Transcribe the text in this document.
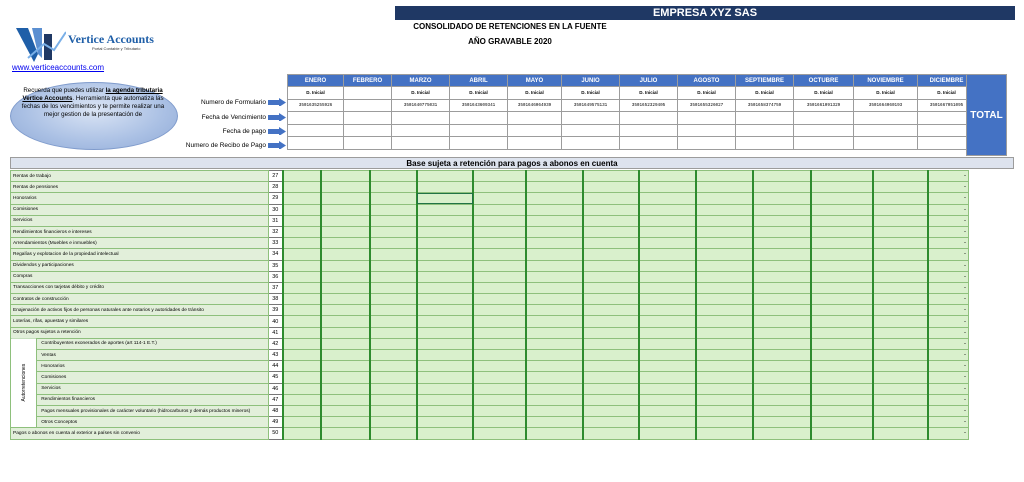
EMPRESA XYZ SAS
CONSOLIDADO DE RETENCIONES EN LA FUENTE
AÑO GRAVABLE 2020
Vertice Accounts
Portal Contable y Tributario
www.verticeaccounts.com
Recuerda que puedes utilizar la agenda tributaria Vertice Accounts. Herramienta que automatiza las fechas de los vencimientos y te permite realizar una mejor gestion de la presentación de
Numero de Formulario
Fecha de Vencimiento
Fecha de pago
Numero de Recibo de Pago
ENERO	FEBRERO	MARZO	ABRIL	MAYO	JUNIO	JULIO	AGOSTO	SEPTIEMBRE	OCTUBRE	NOVIEMBRE	DICIEMBRE
D. Inicial		D. Inicial	D. Inicial	D. Inicial	D. Inicial	D. Inicial	D. Inicial	D. Inicial	D. Inicial	D. Inicial	D. Inicial
3501635255926		3501640775031	3501643609341	3501646064939	3501649575131	3501652329405	3501655326027	3501658374759	3501661091329	3501664060193	3501667051095

TOTAL
Base sujeta a retención para pagos a abonos en cuenta
Rentas de trabajo		27													-
Rentas de pensiones		28													-
Honorarios		29													-
Comisiones		30													-
Servicios		31													-
Rendimientos financieros e intereses		32													-
Arrendamientos (Muebles e inmuebles)		33													-
Regalías y explotacion de la propiedad intelectual		34													-
Dividendos y participaciones		35													-
Compras		36													-
Transacciones con tarjetas débito y crédito		37													-
Contratos de construcción		38													-
Enajenación de activos fijos de personas naturales ante notarios y autoridades de tránsito		39													-
Loterías, rifas, apuestas y similares		40													-
Otros pagos sujetos a retención		41													-
Autorretenciones	Contribuyentes exonerados de aportes (art 114-1 E.T.)	42													-
	Ventas	43													-
	Honorarios	44													-
	Comisiones	45													-
	Servicios	46													-
	Rendimientos financieros	47													-
	Pagos mensuales provisionales de carácter voluntario (hidrocarburos y demás productos mineros)	48													-
	Otros Conceptos	49													-
Pagos o abonos en cuenta al exterior a países sin convenio		50													-
